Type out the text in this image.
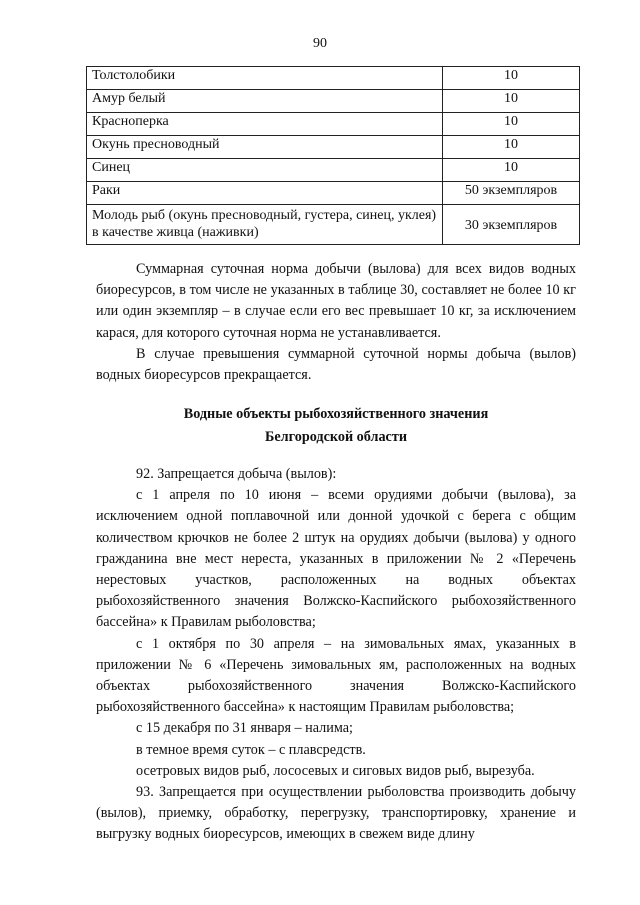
90
Толстолобики	10
Амур белый	10
Красноперка	10
Окунь пресноводный	10
Синец	10
Раки	50 экземпляров
Молодь рыб (окунь пресноводный, густера, синец, уклея) в качестве живца (наживки)	30 экземпляров

Суммарная суточная норма добычи (вылова) для всех видов водных биоресурсов, в том числе не указанных в таблице 30, составляет не более 10 кг или один экземпляр – в случае если его вес превышает 10 кг, за исключением карася, для которого суточная норма не устанавливается.

В случае превышения суммарной суточной нормы добыча (вылов) водных биоресурсов прекращается.

Водные объекты рыбохозяйственного значения
Белгородской области

92. Запрещается добыча (вылов):

с 1 апреля по 10 июня – всеми орудиями добычи (вылова), за исключением одной поплавочной или донной удочкой с берега с общим количеством крючков не более 2 штук на орудиях добычи (вылова) у одного гражданина вне мест нереста, указанных в приложении № 2 «Перечень нерестовых участков, расположенных на водных объектах рыбохозяйственного значения Волжско-Каспийского рыбохозяйственного бассейна» к Правилам рыболовства;

с 1 октября по 30 апреля – на зимовальных ямах, указанных в приложении № 6 «Перечень зимовальных ям, расположенных на водных объектах рыбохозяйственного значения Волжско-Каспийского рыбохозяйственного бассейна» к настоящим Правилам рыболовства;

с 15 декабря по 31 января – налима;

в темное время суток – с плавсредств.

осетровых видов рыб, лососевых и сиговых видов рыб, вырезуба.

93. Запрещается при осуществлении рыболовства производить добычу (вылов), приемку, обработку, перегрузку, транспортировку, хранение и выгрузку водных биоресурсов, имеющих в свежем виде длину
